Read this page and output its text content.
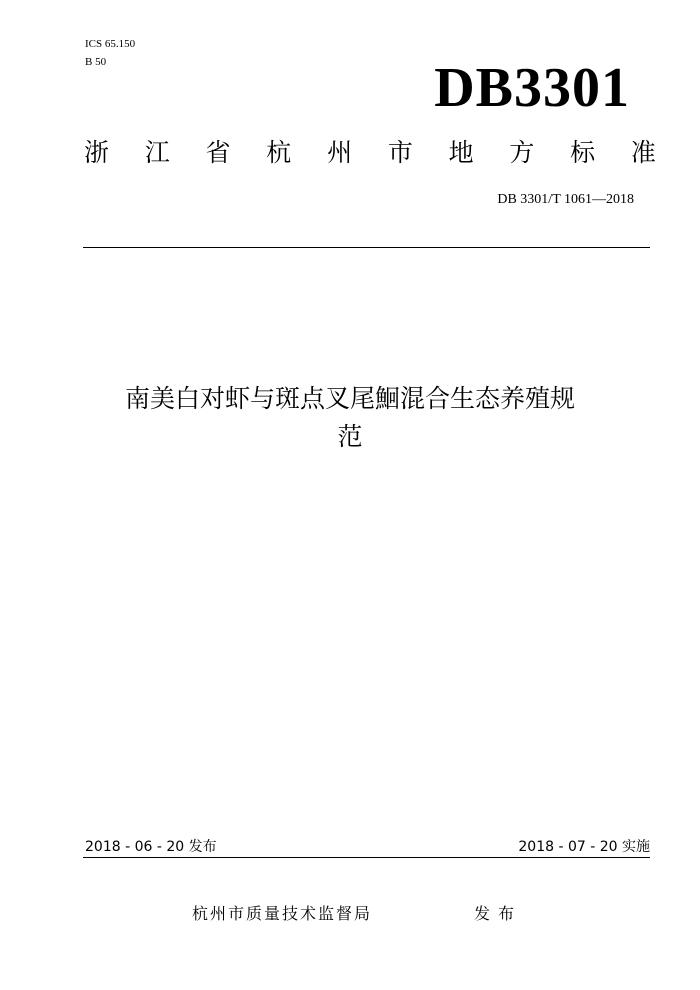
ICS 65.150
B 50	DB3301
浙 江 省 杭 州 市 地 方 标 准
DB 3301/T 1061—2018
南美白对虾与斑点叉尾鮰混合生态养殖规
范
2018 - 06 - 20 发布	2018 - 07 - 20 实施
杭州市质量技术监督局	发布
